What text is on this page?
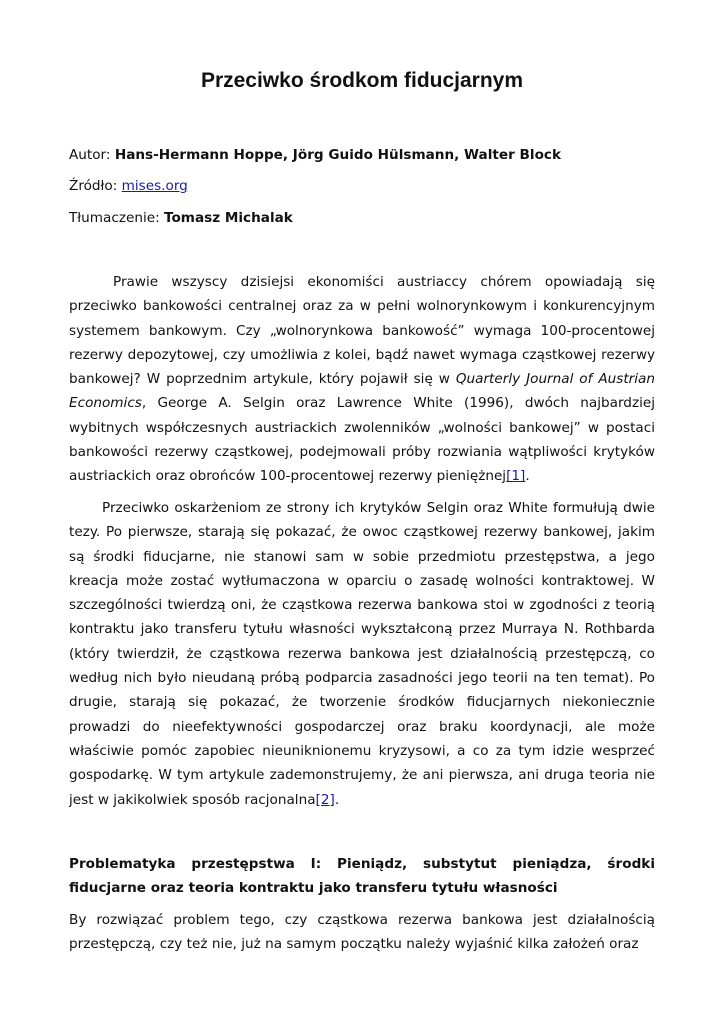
Przeciwko środkom fiducjarnym
Autor: Hans-Hermann Hoppe, Jörg Guido Hülsmann, Walter Block
Źródło: mises.org
Tłumaczenie: Tomasz Michalak

Prawie wszyscy dzisiejsi ekonomiści austriaccy chórem opowiadają się przeciwko bankowości centralnej oraz za w pełni wolnorynkowym i konkurencyjnym systemem bankowym. Czy „wolnorynkowa bankowość” wymaga 100-procentowej rezerwy depozytowej, czy umożliwia z kolei, bądź nawet wymaga cząstkowej rezerwy bankowej? W poprzednim artykule, który pojawił się w Quarterly Journal of Austrian Economics, George A. Selgin oraz Lawrence White (1996), dwóch najbardziej wybitnych współczesnych austriackich zwolenników „wolności bankowej” w postaci bankowości rezerwy cząstkowej, podejmowali próby rozwiania wątpliwości krytyków austriackich oraz obrońców 100-procentowej rezerwy pieniężnej[1].

Przeciwko oskarżeniom ze strony ich krytyków Selgin oraz White formułują dwie tezy. Po pierwsze, starają się pokazać, że owoc cząstkowej rezerwy bankowej, jakim są środki fiducjarne, nie stanowi sam w sobie przedmiotu przestępstwa, a jego kreacja może zostać wytłumaczona w oparciu o zasadę wolności kontraktowej. W szczególności twierdzą oni, że cząstkowa rezerwa bankowa stoi w zgodności z teorią kontraktu jako transferu tytułu własności wykształconą przez Murraya N. Rothbarda (który twierdził, że cząstkowa rezerwa bankowa jest działalnością przestępczą, co według nich było nieudaną próbą podparcia zasadności jego teorii na ten temat). Po drugie, starają się pokazać, że tworzenie środków fiducjarnych niekoniecznie prowadzi do nieefektywności gospodarczej oraz braku koordynacji, ale może właściwie pomóc zapobiec nieuniknionemu kryzysowi, a co za tym idzie wesprzeć gospodarkę. W tym artykule zademonstrujemy, że ani pierwsza, ani druga teoria nie jest w jakikolwiek sposób racjonalna[2].

Problematyka przestępstwa I: Pieniądz, substytut pieniądza, środki fiducjarne oraz teoria kontraktu jako transferu tytułu własności

By rozwiązać problem tego, czy cząstkowa rezerwa bankowa jest działalnością przestępczą, czy też nie, już na samym początku należy wyjaśnić kilka założeń oraz
